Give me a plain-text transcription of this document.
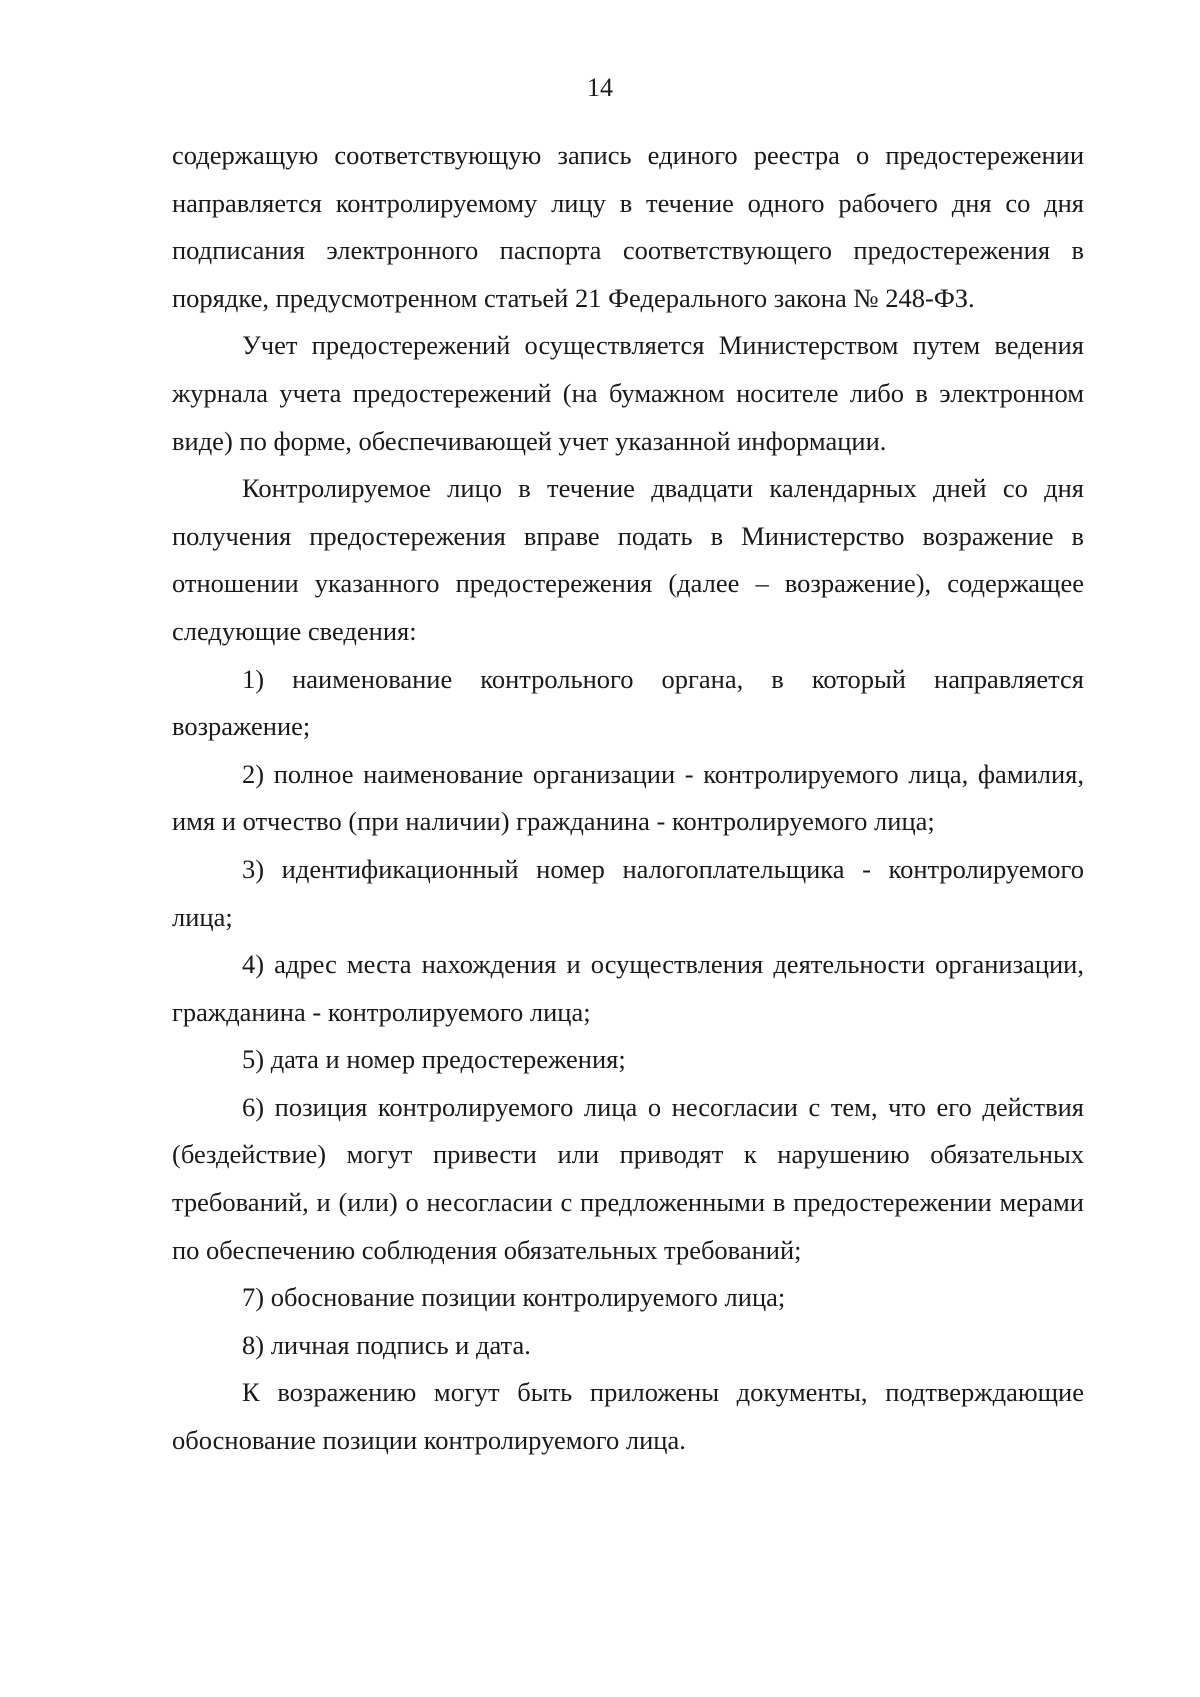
14

содержащую соответствующую запись единого реестра о предостережении направляется контролируемому лицу в течение одного рабочего дня со дня подписания электронного паспорта соответствующего предостережения в порядке, предусмотренном статьей 21 Федерального закона № 248-ФЗ.

Учет предостережений осуществляется Министерством путем ведения журнала учета предостережений (на бумажном носителе либо в электронном виде) по форме, обеспечивающей учет указанной информации.

Контролируемое лицо в течение двадцати календарных дней со дня получения предостережения вправе подать в Министерство возражение в отношении указанного предостережения (далее – возражение), содержащее следующие сведения:

1) наименование контрольного органа, в который направляется возражение;

2) полное наименование организации - контролируемого лица, фамилия, имя и отчество (при наличии) гражданина - контролируемого лица;

3) идентификационный номер налогоплательщика - контролируемого лица;

4) адрес места нахождения и осуществления деятельности организации, гражданина - контролируемого лица;

5) дата и номер предостережения;

6) позиция контролируемого лица о несогласии с тем, что его действия (бездействие) могут привести или приводят к нарушению обязательных требований, и (или) о несогласии с предложенными в предостережении мерами по обеспечению соблюдения обязательных требований;

7) обоснование позиции контролируемого лица;

8) личная подпись и дата.

К возражению могут быть приложены документы, подтверждающие обоснование позиции контролируемого лица.
